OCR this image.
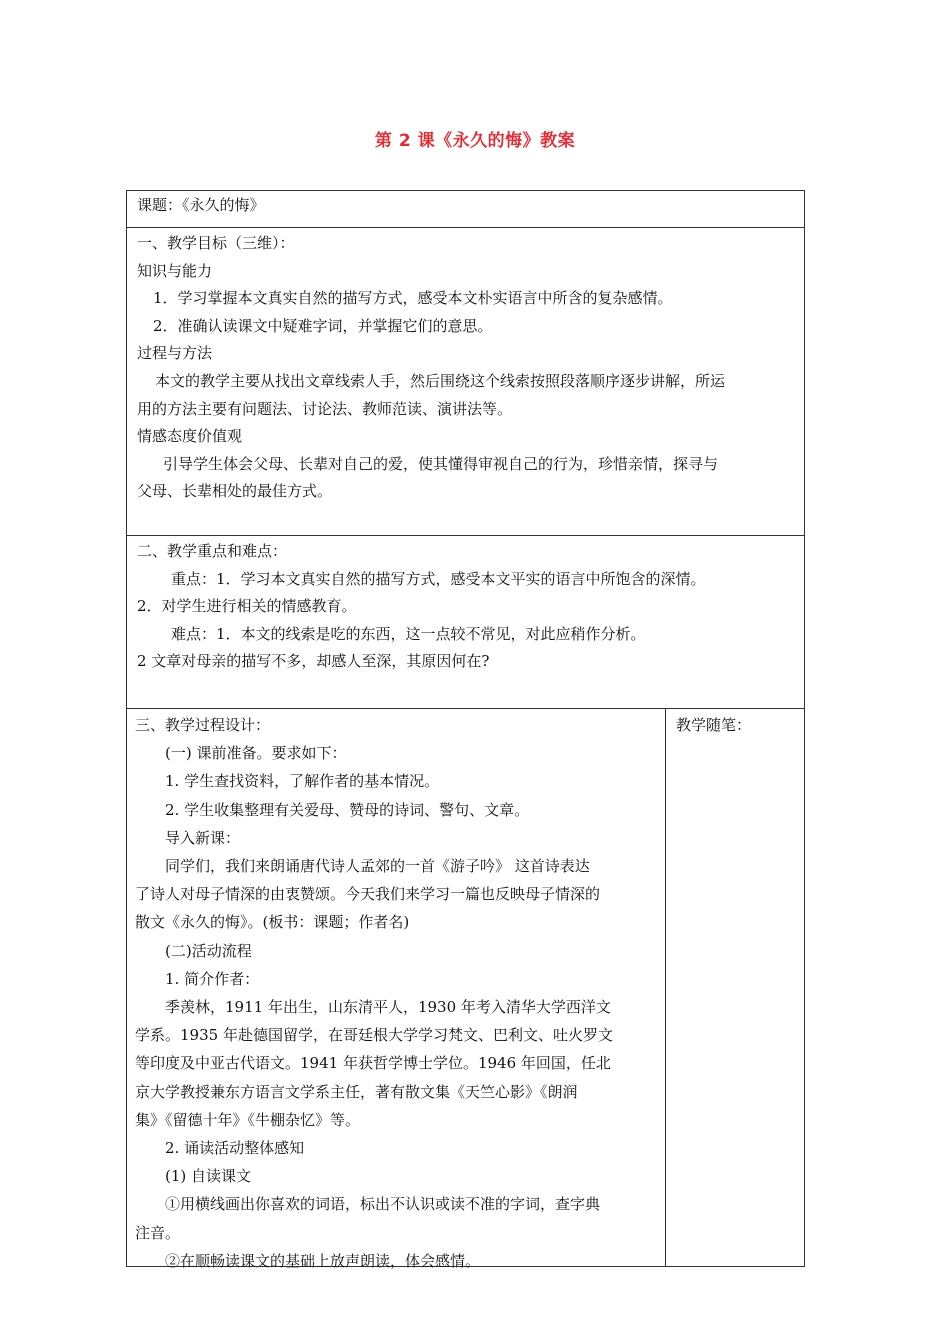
第 2 课《永久的悔》教案

课题：《永久的悔》

一、教学目标（三维）：

知识与能力

1．学习掌握本文真实自然的描写方式，感受本文朴实语言中所含的复杂感情。

2．准确认读课文中疑难字词，并掌握它们的意思。

过程与方法

本文的教学主要从找出文章线索人手，然后围绕这个线索按照段落顺序逐步讲解，所运

用的方法主要有问题法、讨论法、教师范读、演讲法等。

情感态度价值观

引导学生体会父母、长辈对自己的爱，使其懂得审视自己的行为，珍惜亲情，探寻与

父母、长辈相处的最佳方式。

二、教学重点和难点：

重点：1．学习本文真实自然的描写方式，感受本文平实的语言中所饱含的深情。

2．对学生进行相关的情感教育。

难点：1．本文的线索是吃的东西，这一点较不常见，对此应稍作分析。

2 文章对母亲的描写不多，却感人至深，其原因何在?

三、教学过程设计：

(一) 课前准备。要求如下：

1. 学生查找资料，了解作者的基本情况。

2. 学生收集整理有关爱母、赞母的诗词、警句、文章。

导入新课：

同学们，我们来朗诵唐代诗人孟郊的一首《游子吟》 这首诗表达

了诗人对母子情深的由衷赞颂。今天我们来学习一篇也反映母子情深的

散文《永久的悔》。(板书：课题；作者名)

(二)活动流程

1. 简介作者：

季羡林，1911 年出生，山东清平人，1930 年考入清华大学西洋文

学系。1935 年赴德国留学，在哥廷根大学学习梵文、巴利文、吐火罗文

等印度及中亚古代语文。1941 年获哲学博士学位。1946 年回国，任北

京大学教授兼东方语言文学系主任，著有散文集《天竺心影》《朗润

集》《留德十年》《牛棚杂忆》等。

2. 诵读活动整体感知

(1) 自读课文

①用横线画出你喜欢的词语，标出不认识或读不准的字词，查字典

注音。

②在顺畅读课文的基础上放声朗读，体会感情。

教学随笔：
